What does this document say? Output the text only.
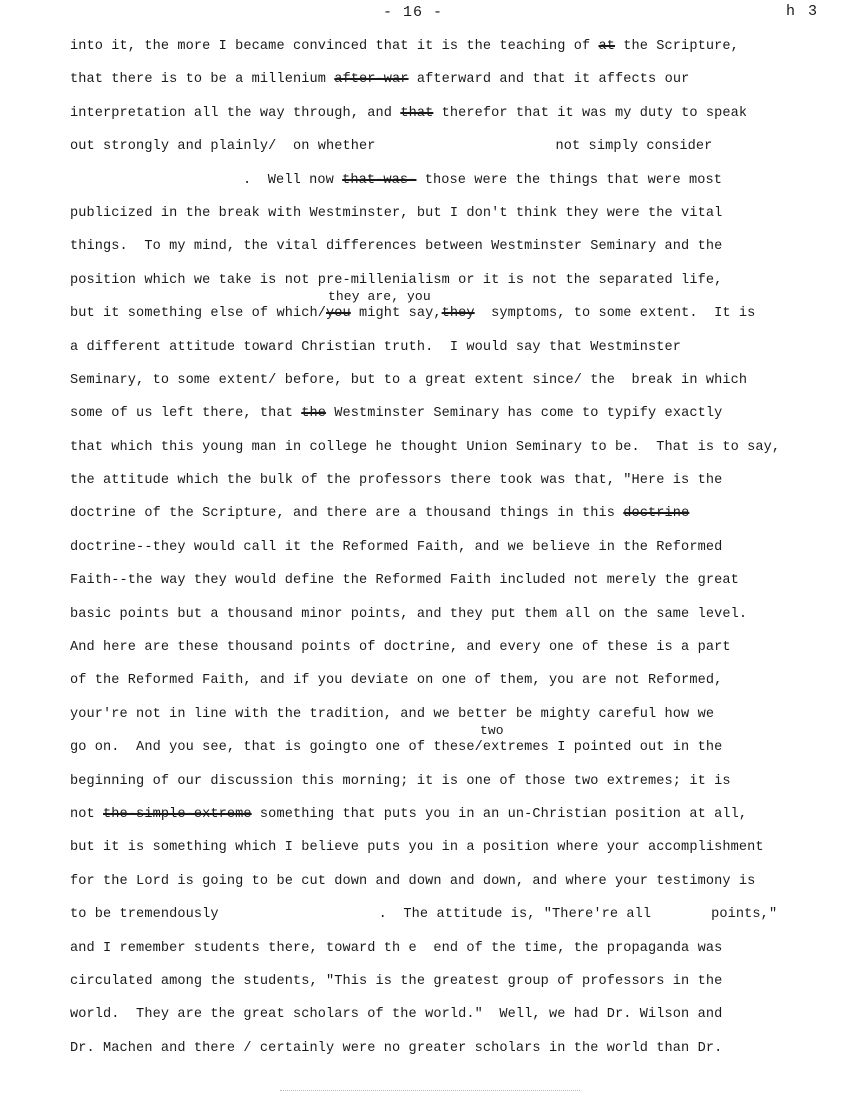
- 16 -	h 3
into it, the more I became convinced that it is the teaching of at the Scripture,
that there is to be a millenium after-war afterward and that it affects our
interpretation all the way through, and that therefor that it was my duty to speak
out strongly and plainly/  on whether	not simply consider
.  Well now that-was- those were the things that were most
publicized in the break with Westminster, but I don't think they were the vital
things.  To my mind, the vital differences between Westminster Seminary and the
position which we take is not pre-millenialism or it is not the separated life,
they are, you
but it something else of which/you might say,they  symptoms, to some extent.  It is
a different attitude toward Christian truth.  I would say that Westminster
Seminary, to some extent/ before, but to a great extent since/ the  break in which
some of us left there, that the Westminster Seminary has come to typify exactly
that which this young man in college he thought Union Seminary to be.  That is to say,
the attitude which the bulk of the professors there took was that, "Here is the
doctrine of the Scripture, and there are a thousand things in this doctrine
doctrine--they would call it the Reformed Faith, and we believe in the Reformed
Faith--the way they would define the Reformed Faith included not merely the great
basic points but a thousand minor points, and they put them all on the same level.
And here are these thousand points of doctrine, and every one of these is a part
of the Reformed Faith, and if you deviate on one of them, you are not Reformed,
your're not in line with the tradition, and we better be mighty careful how we
two
go on.  And you see, that is goingto one of these/extremes I pointed out in the
beginning of our discussion this morning; it is one of those two extremes; it is
not the-simple-extreme something that puts you in an un-Christian position at all,
but it is something which I believe puts you in a position where your accomplishment
for the Lord is going to be cut down and down and down, and where your testimony is
to be tremendously	.  The attitude is, "There're all	points,"
and I remember students there, toward th e  end of the time, the propaganda was
circulated among the students, "This is the greatest group of professors in the
world.  They are the great scholars of the world."  Well, we had Dr. Wilson and
Dr. Machen and there / certainly were no greater scholars in the world than Dr.
